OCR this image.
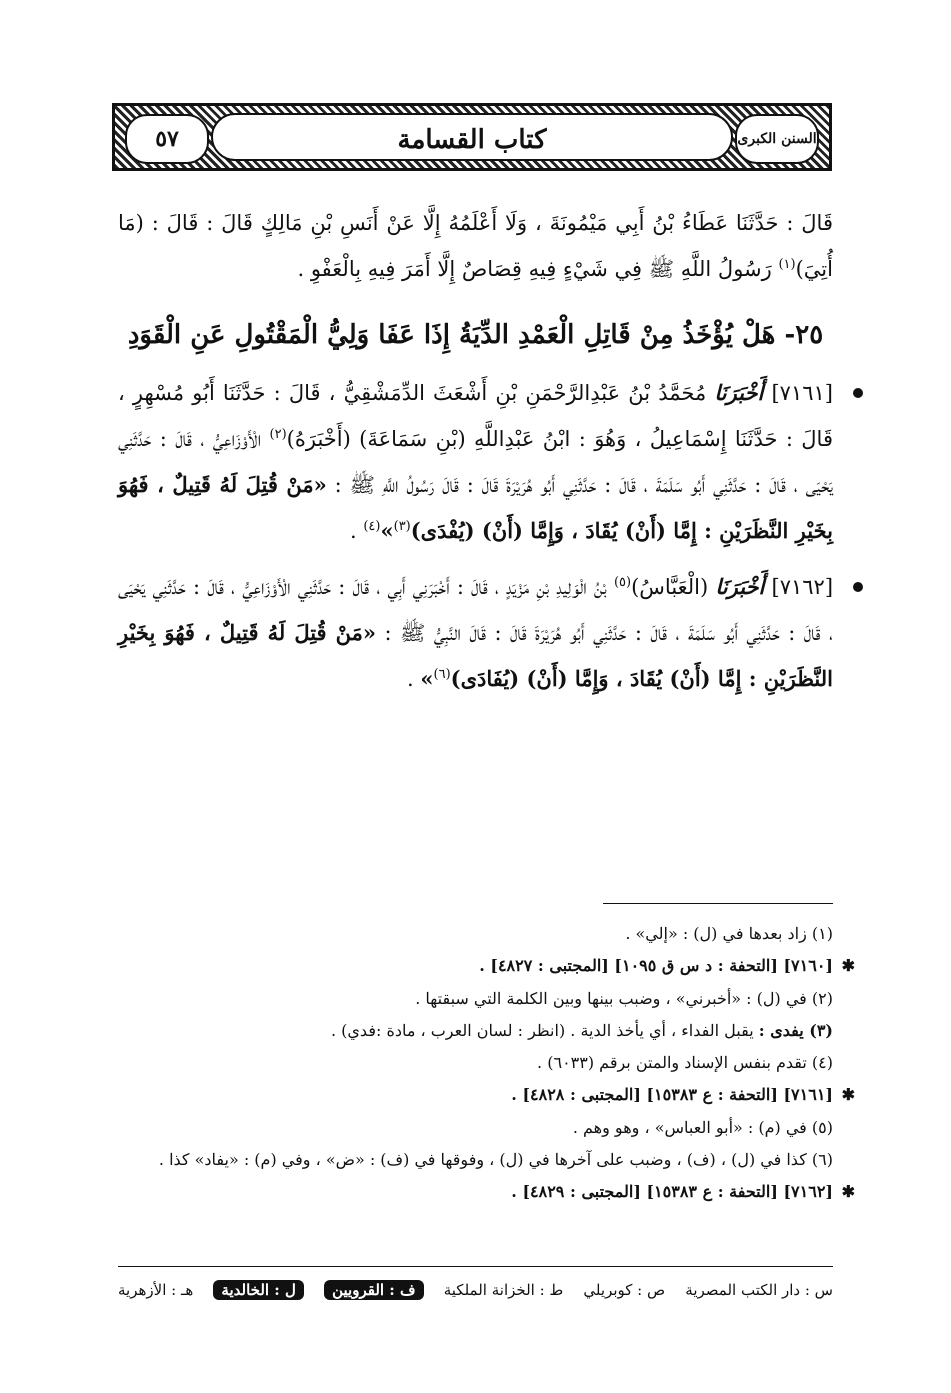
كتاب القسامة	السنن الكبرى
٥٧

قَالَ : حَدَّثَنَا عَطَاءُ بْنُ أَبِي مَيْمُونَةَ ، وَلَا أَعْلَمُهُ إِلَّا عَنْ أَنَسِ بْنِ مَالِكٍ قَالَ : قَالَ : (مَا أُتِيَ)$^{(١)}$ رَسُولُ اللَّهِ ﷺ فِي شَيْءٍ فِيهِ قِصَاصٌ إِلَّا أَمَرَ فِيهِ بِالْعَفْوِ .

٢٥- هَلْ يُؤْخَذُ مِنْ قَاتِلِ الْعَمْدِ الدِّيَةُ إِذَا عَفَا وَلِيُّ الْمَقْتُولِ عَنِ الْقَوَدِ

[٧١٦١] أَخْبَرَنَا مُحَمَّدُ بْنُ عَبْدِالرَّحْمَنِ بْنِ أَشْعَثَ الدِّمَشْقِيُّ ، قَالَ : حَدَّثَنَا أَبُو مُسْهِرٍ ، قَالَ : حَدَّثَنَا إِسْمَاعِيلُ ، وَهُوَ : ابْنُ عَبْدِاللَّهِ (بْنِ سَمَاعَةَ) (أَخْبَرَهُ)$^{(٢)}$ الْأَوْزَاعِيُّ ، قَالَ : حَدَّثَنِي يَحْيَى ، قَالَ : حَدَّثَنِي أَبُو سَلَمَةَ ، قَالَ : حَدَّثَنِي أَبُو هُرَيْرَةَ قَالَ : قَالَ رَسُولُ اللَّهِ ﷺ : «مَنْ قُتِلَ لَهُ قَتِيلٌ ، فَهُوَ بِخَيْرِ النَّظَرَيْنِ : إِمَّا (أَنْ) يُقَادَ ، وَإِمَّا (أَنْ) (يُفْدَى)$^{(٣)}$»$^{(٤)}$ .

[٧١٦٢] أَخْبَرَنَا (الْعَبَّاسُ)$^{(٥)}$ بْنُ الْوَلِيدِ بْنِ مَزْيَدٍ ، قَالَ : أَخْبَرَنِي أَبِي ، قَالَ : حَدَّثَنِي الْأَوْزَاعِيُّ ، قَالَ : حَدَّثَنِي يَحْيَى ، قَالَ : حَدَّثَنِي أَبُو سَلَمَةَ ، قَالَ : حَدَّثَنِي أَبُو هُرَيْرَةَ قَالَ : قَالَ النَّبِيُّ ﷺ : «مَنْ قُتِلَ لَهُ قَتِيلٌ ، فَهُوَ بِخَيْرِ النَّظَرَيْنِ : إِمَّا (أَنْ) يُقَادَ ، وَإِمَّا (أَنْ) (يُفَادَى)$^{(٦)}$» .

(١) زاد بعدها في (ل) : «إلي» .
✱
[٧١٦٠] [التحفة : د س ق ١٠٩٥] [المجتبى : ٤٨٢٧] .
(٢) في (ل) : «أخبرني» ، وضبب بينها وبين الكلمة التي سبقتها .
(٣) يفدى : يقبل الفداء ، أي يأخذ الدية . (انظر : لسان العرب ، مادة :فدي) .
(٤) تقدم بنفس الإسناد والمتن برقم (٦٠٣٣) .
✱
[٧١٦١] [التحفة : ع ١٥٣٨٣] [المجتبى : ٤٨٢٨] .
(٥) في (م) : «أبو العباس» ، وهو وهم .
(٦) كذا في (ل) ، (ف) ، وضبب على آخرها في (ل) ، وفوقها في (ف) : «ض» ، وفي (م) : «يفاد» كذا .
✱
[٧١٦٢] [التحفة : ع ١٥٣٨٣] [المجتبى : ٤٨٢٩] .
س : دار الكتب المصرية
ص : كوبريلي
ط : الخزانة الملكية
ف : القرويين
ل : الخالدية
هـ : الأزهرية
